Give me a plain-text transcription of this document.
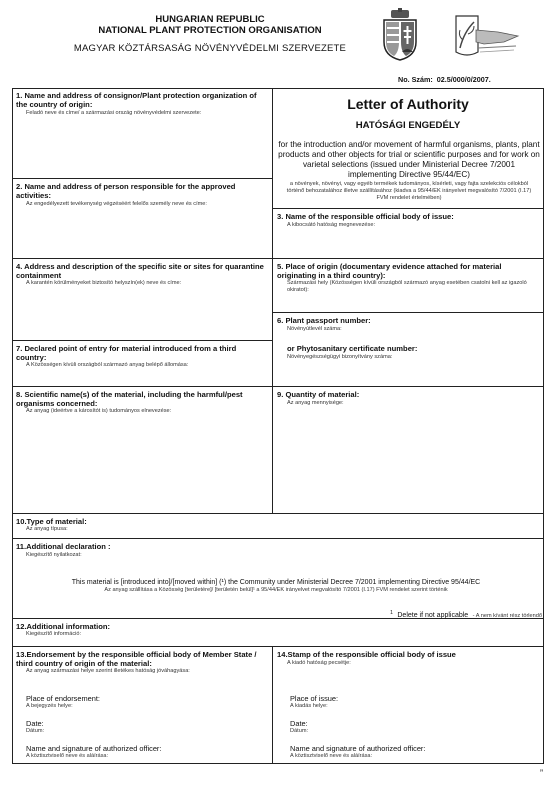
HUNGARIAN REPUBLIC
NATIONAL PLANT PROTECTION ORGANISATION
MAGYAR KÖZTÁRSASÁG NÖVÉNYVÉDELMI SZERVEZETE
No. Szám: 02.5/000/0/2007.
Letter of Authority
HATÓSÁGI ENGEDÉLY
for the introduction and/or movement of harmful organisms, plants, plant products and other objects for trial or scientific purposes and for work on varietal selections (issued under Ministerial Decree 7/2001 implementing Directive 95/44/EC)
a növények, növényi, vagy egyéb termékek tudományos, kísérleti, vagy fajta szelekciós célokból történő behozatalához illetve szállításához (kiadva a 95/44/EK irányelvet megvalósító 7/2001 (I.17) FVM rendelet értelmében)
1. Name and address of consignor/Plant protection organization of the country of origin:
Feladó neve és címe/ a származási ország növényvédelmi szervezete:
2. Name and address of person responsible for the approved activities:
Az engedélyezett tevékenység végzéséért felelős személy neve és címe:
3. Name of the responsible official body of issue:
A kibocsátó hatóság megnevezése:
4. Address and description of the specific site or sites for quarantine containment
A karantén körülményeket biztosító helyszín(ek) neve és címe:
5. Place of origin (documentary evidence attached for material originating in a third country):
Származási hely (Közösségen kívüli országból származó anyag esetében csatolni kell az igazoló okiratot):
6. Plant passport number:
Növényútlevél száma:
or Phytosanitary certificate number:
Növényegészségügyi bizonyítvány száma:
7. Declared point of entry for material introduced from a third country:
A Közösségen kívüli országból származó anyag belépő állomása:
8. Scientific name(s) of the material, including the harmful/pest organisms concerned:
Az anyag (ideértve a károsítót is) tudományos elnevezése:
9. Quantity of material:
Az anyag mennyisége:
10.Type of material:
Az anyag típusa:
11.Additional declaration :
Kiegészítő nyilatkozat:
This material is [introduced into]/[moved within] (¹) the Community under Ministerial Decree 7/2001 implementing Directive 95/44/EC
Az anyag szállítása a Közösség [területére]/ [területén belül]¹ a 95/44/EK irányelvet megvalósító 7/2001 (I.17) FVM rendelet szerint történik
1 Delete if not applicable - A nem kívánt rész törlendő
12.Additional information:
Kiegészítő információ:
13.Endorsement by the responsible official body of Member State / third country of origin of the material:
Az anyag származási helye szerint illetékes hatóság jóváhagyása:
Place of endorsement:
A bejegyzés helye:
Date:
Dátum:
Name and signature of authorized officer:
A köztisztviselő neve és aláírása:
14.Stamp of the responsible official body of issue
A kiadó hatóság pecsétje:
Place of issue:
A kiadás helye:
Date:
Dátum:
Name and signature of authorized officer:
A köztisztviselő neve és aláírása:
”
